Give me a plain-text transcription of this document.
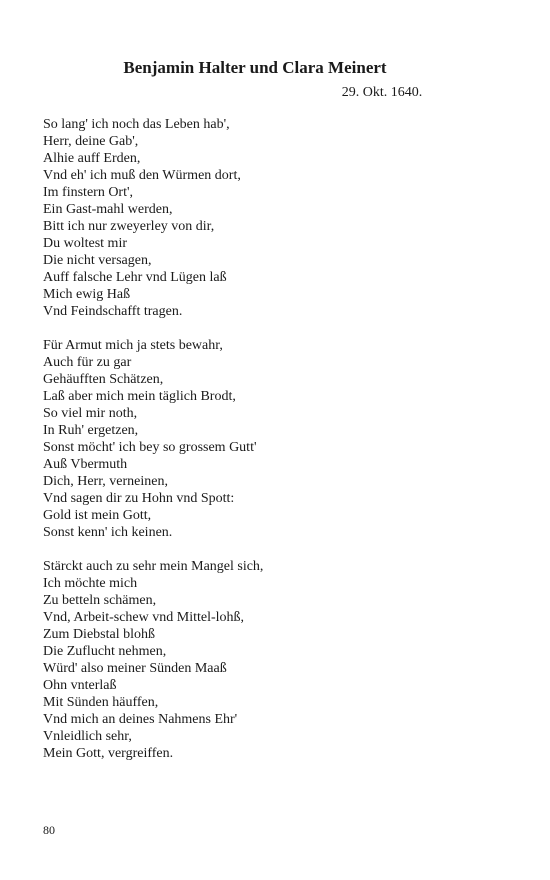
Benjamin Halter und Clara Meinert

29. Okt. 1640.

So lang' ich noch das Leben hab',
Herr, deine Gab',
Alhie auff Erden,
Vnd eh' ich muß den Würmen dort,
Im finstern Ort',
Ein Gast-mahl werden,
Bitt ich nur zweyerley von dir,
Du woltest mir
Die nicht versagen,
Auff falsche Lehr vnd Lügen laß
Mich ewig Haß
Vnd Feindschafft tragen.
Für Armut mich ja stets bewahr,
Auch für zu gar
Gehäufften Schätzen,
Laß aber mich mein täglich Brodt,
So viel mir noth,
In Ruh' ergetzen,
Sonst möcht' ich bey so grossem Gutt'
Auß Vbermuth
Dich, Herr, verneinen,
Vnd sagen dir zu Hohn vnd Spott:
Gold ist mein Gott,
Sonst kenn' ich keinen.
Stärckt auch zu sehr mein Mangel sich,
Ich möchte mich
Zu betteln schämen,
Vnd, Arbeit-schew vnd Mittel-lohß,
Zum Diebstal blohß
Die Zuflucht nehmen,
Würd' also meiner Sünden Maaß
Ohn vnterlaß
Mit Sünden häuffen,
Vnd mich an deines Nahmens Ehr'
Vnleidlich sehr,
Mein Gott, vergreiffen.
80
